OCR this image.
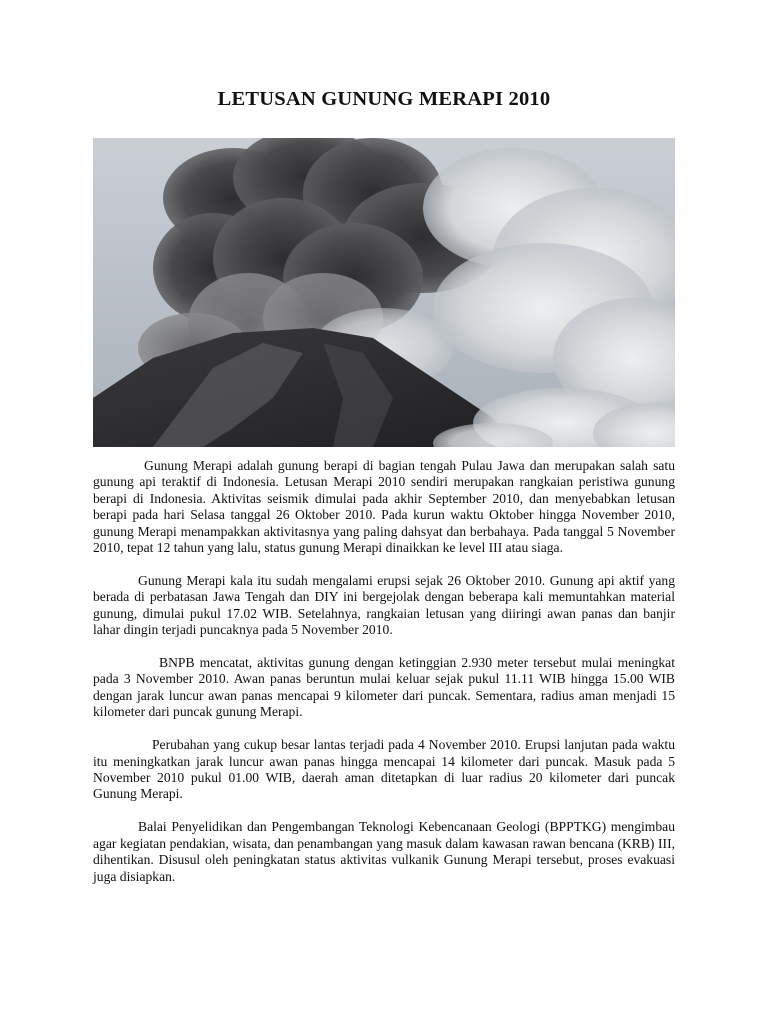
LETUSAN GUNUNG MERAPI 2010

Gunung Merapi adalah gunung berapi di bagian tengah Pulau Jawa dan merupakan salah satu gunung api teraktif di Indonesia. Letusan Merapi 2010 sendiri merupakan rangkaian peristiwa gunung berapi di Indonesia. Aktivitas seismik dimulai pada akhir September 2010, dan menyebabkan letusan berapi pada hari Selasa tanggal 26 Oktober 2010. Pada kurun waktu Oktober hingga November 2010, gunung Merapi menampakkan aktivitasnya yang paling dahsyat dan berbahaya. Pada tanggal 5 November 2010, tepat 12 tahun yang lalu, status gunung Merapi dinaikkan ke level III atau siaga.

Gunung Merapi kala itu sudah mengalami erupsi sejak 26 Oktober 2010. Gunung api aktif yang berada di perbatasan Jawa Tengah dan DIY ini bergejolak dengan beberapa kali memuntahkan material gunung, dimulai pukul 17.02 WIB. Setelahnya, rangkaian letusan yang diiringi awan panas dan banjir lahar dingin terjadi puncaknya pada 5 November 2010.

BNPB mencatat, aktivitas gunung dengan ketinggian 2.930 meter tersebut mulai meningkat pada 3 November 2010. Awan panas beruntun mulai keluar sejak pukul 11.11 WIB hingga 15.00 WIB dengan jarak luncur awan panas mencapai 9 kilometer dari puncak. Sementara, radius aman menjadi 15 kilometer dari puncak gunung Merapi.

Perubahan yang cukup besar lantas terjadi pada 4 November 2010. Erupsi lanjutan pada waktu itu meningkatkan jarak luncur awan panas hingga mencapai 14 kilometer dari puncak. Masuk pada 5 November 2010 pukul 01.00 WIB, daerah aman ditetapkan di luar radius 20 kilometer dari puncak Gunung Merapi.

Balai Penyelidikan dan Pengembangan Teknologi Kebencanaan Geologi (BPPTKG) mengimbau agar kegiatan pendakian, wisata, dan penambangan yang masuk dalam kawasan rawan bencana (KRB) III, dihentikan. Disusul oleh peningkatan status aktivitas vulkanik Gunung Merapi tersebut, proses evakuasi juga disiapkan.
